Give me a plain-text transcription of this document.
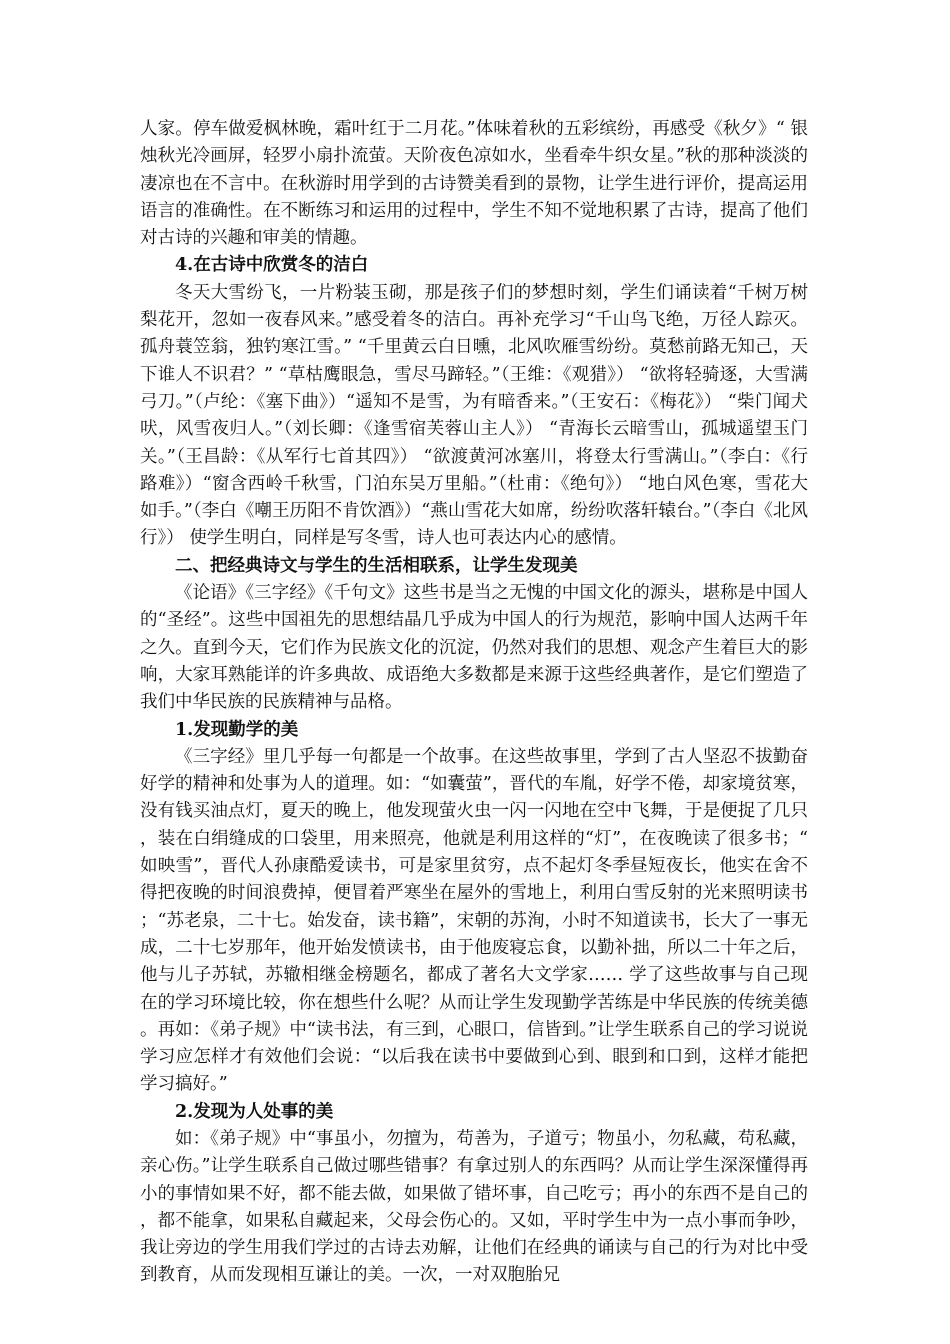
人家。停车做爱枫林晚，霜叶红于二月花。”体味着秋的五彩缤纷，再感受《秋夕》“ 银烛秋光冷画屏，轻罗小扇扑流萤。天阶夜色凉如水，坐看牵牛织女星。”秋的那种淡淡的凄凉也在不言中。在秋游时用学到的古诗赞美看到的景物，让学生进行评价，提高运用语言的准确性。在不断练习和运用的过程中，学生不知不觉地积累了古诗，提高了他们对古诗的兴趣和审美的情趣。

4.在古诗中欣赏冬的洁白

冬天大雪纷飞，一片粉装玉砌，那是孩子们的梦想时刻，学生们诵读着“千树万树梨花开，忽如一夜春风来。”感受着冬的洁白。再补充学习“千山鸟飞绝，万径人踪灭。孤舟蓑笠翁，独钓寒江雪。” “千里黄云白日曛，北风吹雁雪纷纷。莫愁前路无知己，天下谁人不识君？” “草枯鹰眼急，雪尽马蹄轻。”（王维：《观猎》） “欲将轻骑逐，大雪满弓刀。”（卢纶：《塞下曲》）“遥知不是雪，为有暗香来。”（王安石：《梅花》） “柴门闻犬吠，风雪夜归人。”（刘长卿：《逢雪宿芙蓉山主人》） “青海长云暗雪山，孤城遥望玉门关。”（王昌龄：《从军行七首其四》） “欲渡黄河冰塞川，将登太行雪满山。”（李白：《行路难》）“窗含西岭千秋雪，门泊东吴万里船。”（杜甫：《绝句》） “地白风色寒，雪花大如手。”（李白《嘲王历阳不肯饮酒》）“燕山雪花大如席，纷纷吹落轩辕台。”（李白《北风行》） 使学生明白，同样是写冬雪，诗人也可表达内心的感情。

二、把经典诗文与学生的生活相联系，让学生发现美

《论语》《三字经》《千句文》这些书是当之无愧的中国文化的源头，堪称是中国人的“圣经”。这些中国祖先的思想结晶几乎成为中国人的行为规范，影响中国人达两千年之久。直到今天，它们作为民族文化的沉淀，仍然对我们的思想、观念产生着巨大的影响，大家耳熟能详的许多典故、成语绝大多数都是来源于这些经典著作，是它们塑造了我们中华民族的民族精神与品格。

1.发现勤学的美

《三字经》里几乎每一句都是一个故事。在这些故事里，学到了古人坚忍不拔勤奋好学的精神和处事为人的道理。如：“如囊萤”，晋代的车胤，好学不倦，却家境贫寒，没有钱买油点灯，夏天的晚上，他发现萤火虫一闪一闪地在空中飞舞，于是便捉了几只，装在白绢缝成的口袋里，用来照亮，他就是利用这样的“灯”，在夜晚读了很多书；“如映雪”，晋代人孙康酷爱读书，可是家里贫穷，点不起灯冬季昼短夜长，他实在舍不得把夜晚的时间浪费掉，便冒着严寒坐在屋外的雪地上，利用白雪反射的光来照明读书；“苏老泉，二十七。始发奋，读书籍”，宋朝的苏洵，小时不知道读书，长大了一事无成，二十七岁那年，他开始发愤读书，由于他废寝忘食，以勤补拙，所以二十年之后，他与儿子苏轼，苏辙相继金榜题名，都成了著名大文学家…… 学了这些故事与自己现在的学习环境比较，你在想些什么呢？从而让学生发现勤学苦练是中华民族的传统美德。再如：《弟子规》中“读书法，有三到，心眼口，信皆到。”让学生联系自己的学习说说学习应怎样才有效他们会说：“以后我在读书中要做到心到、眼到和口到，这样才能把学习搞好。”

2.发现为人处事的美

如：《弟子规》中“事虽小，勿擅为，苟善为，子道亏；物虽小，勿私藏，苟私藏，亲心伤。”让学生联系自己做过哪些错事？有拿过别人的东西吗？从而让学生深深懂得再小的事情如果不好，都不能去做，如果做了错坏事，自己吃亏；再小的东西不是自己的，都不能拿，如果私自藏起来，父母会伤心的。又如，平时学生中为一点小事而争吵，我让旁边的学生用我们学过的古诗去劝解，让他们在经典的诵读与自己的行为对比中受到教育，从而发现相互谦让的美。一次，一对双胞胎兄
